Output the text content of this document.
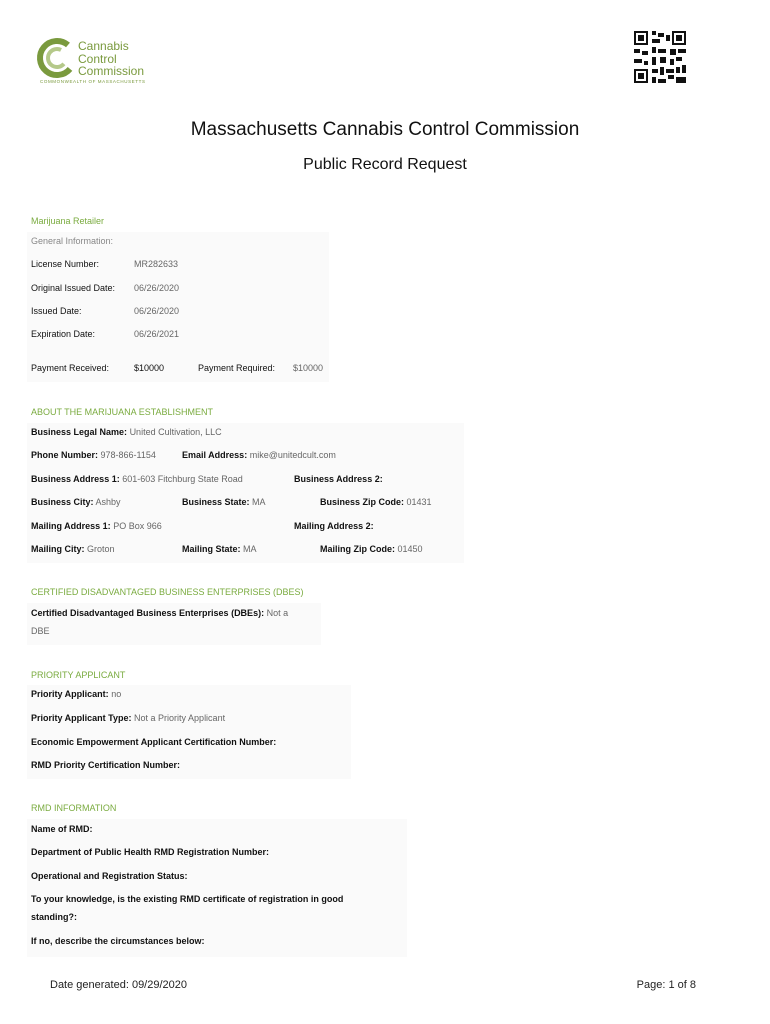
Cannabis
Control
Commission
COMMONWEALTH OF MASSACHUSETTS
Massachusetts Cannabis Control Commission
Public Record Request
Marijuana Retailer
General Information:
License Number:	MR282633
Original Issued Date: 06/26/2020
Issued Date:	06/26/2020
Expiration Date:	06/26/2021
Payment Received:	$10000	Payment Required: $10000
ABOUT THE MARIJUANA ESTABLISHMENT
Business Legal Name: United Cultivation, LLC
Phone Number: 978-866-1154	Email Address: mike@unitedcult.com
Business Address 1: 601-603 Fitchburg State Road	Business Address 2:
Business City: Ashby	Business State: MA	Business Zip Code: 01431
Mailing Address 1: PO Box 966	Mailing Address 2:
Mailing City: Groton	Mailing State: MA	Mailing Zip Code: 01450
CERTIFIED DISADVANTAGED BUSINESS ENTERPRISES (DBES)
Certified Disadvantaged Business Enterprises (DBEs): Not a
DBE
PRIORITY APPLICANT
Priority Applicant: no
Priority Applicant Type: Not a Priority Applicant
Economic Empowerment Applicant Certification Number:
RMD Priority Certification Number:
RMD INFORMATION
Name of RMD:
Department of Public Health RMD Registration Number:
Operational and Registration Status:
To your knowledge, is the existing RMD certificate of registration in good
standing?:
If no, describe the circumstances below:
Date generated: 09/29/2020	Page: 1 of 8
